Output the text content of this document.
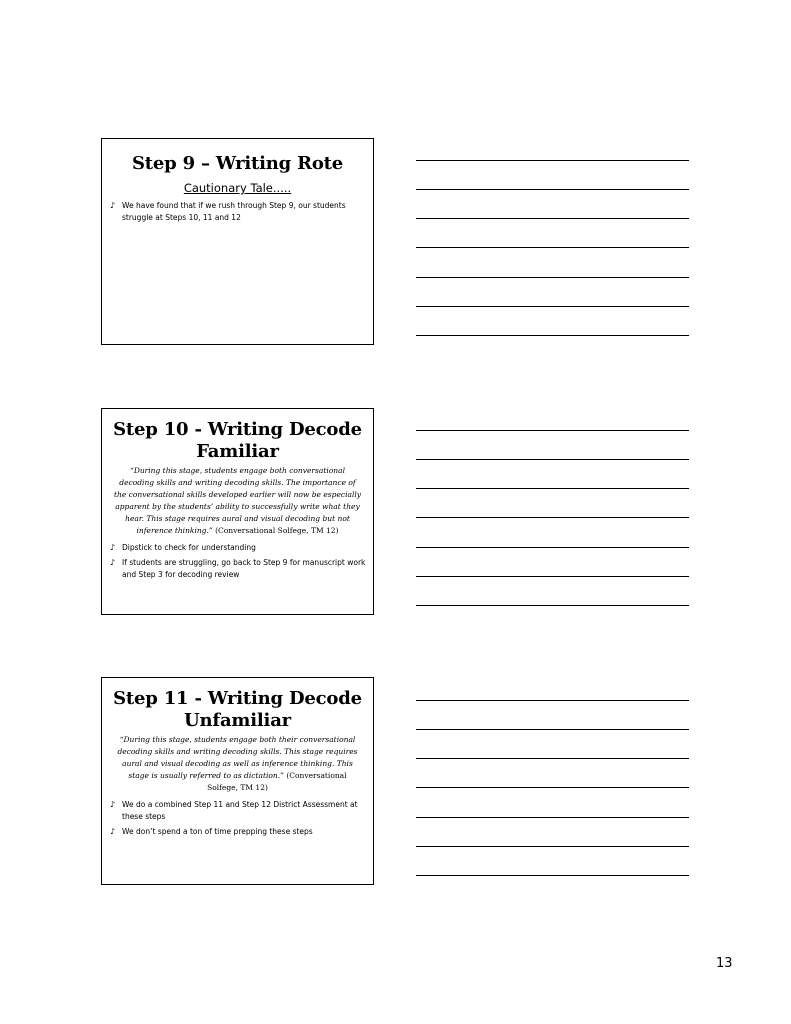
Step 9 – Writing Rote
Cautionary Tale.....
♪ We have found that if we rush through Step 9, our students struggle at Steps 10, 11 and 12
Step 10 - Writing Decode Familiar
“During this stage, students engage both conversational decoding skills and writing decoding skills. The importance of the conversational skills developed earlier will now be especially apparent by the students’ ability to successfully write what they hear. This stage requires aural and visual decoding but not inference thinking.” (Conversational Solfege, TM 12)
♪ Dipstick to check for understanding
♪ If students are struggling, go back to Step 9 for manuscript work and Step 3 for decoding review
Step 11 - Writing Decode Unfamiliar
“During this stage, students engage both their conversational decoding skills and writing decoding skills. This stage requires aural and visual decoding as well as inference thinking. This stage is usually referred to as dictation.” (Conversational Solfege, TM 12)
♪ We do a combined Step 11 and Step 12 District Assessment at these steps
♪ We don’t spend a ton of time prepping these steps
13
